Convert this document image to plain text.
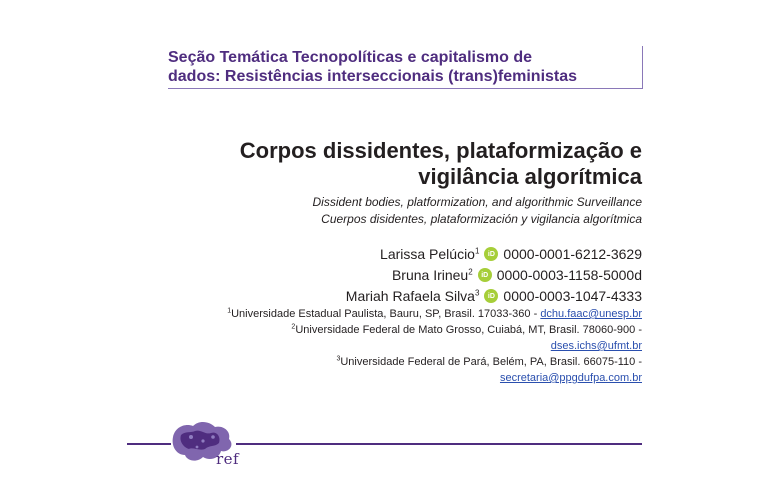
Seção Temática Tecnopolíticas e capitalismo de
dados: Resistências interseccionais (trans)feministas
Corpos dissidentes, plataformização e
vigilância algorítmica
Dissident bodies, platformization, and algorithmic Surveillance
Cuerpos disidentes, plataformización y vigilancia algorítmica
Larissa Pelúcio$^1$	iD 0000-0001-6212-3629
Bruna Irineu$^2$	iD 0000-0003-1158-5000d
Mariah Rafaela Silva$^3$	iD 0000-0003-1047-4333
$^1$Universidade Estadual Paulista, Bauru, SP, Brasil. 17033-360 - dchu.faac@unesp.br
$^2$Universidade Federal de Mato Grosso, Cuiabá, MT, Brasil. 78060-900 -
dses.ichs@ufmt.br
$^3$Universidade Federal de Pará, Belém, PA, Brasil. 66075-110 -
secretaria@ppgdufpa.com.br
ref
